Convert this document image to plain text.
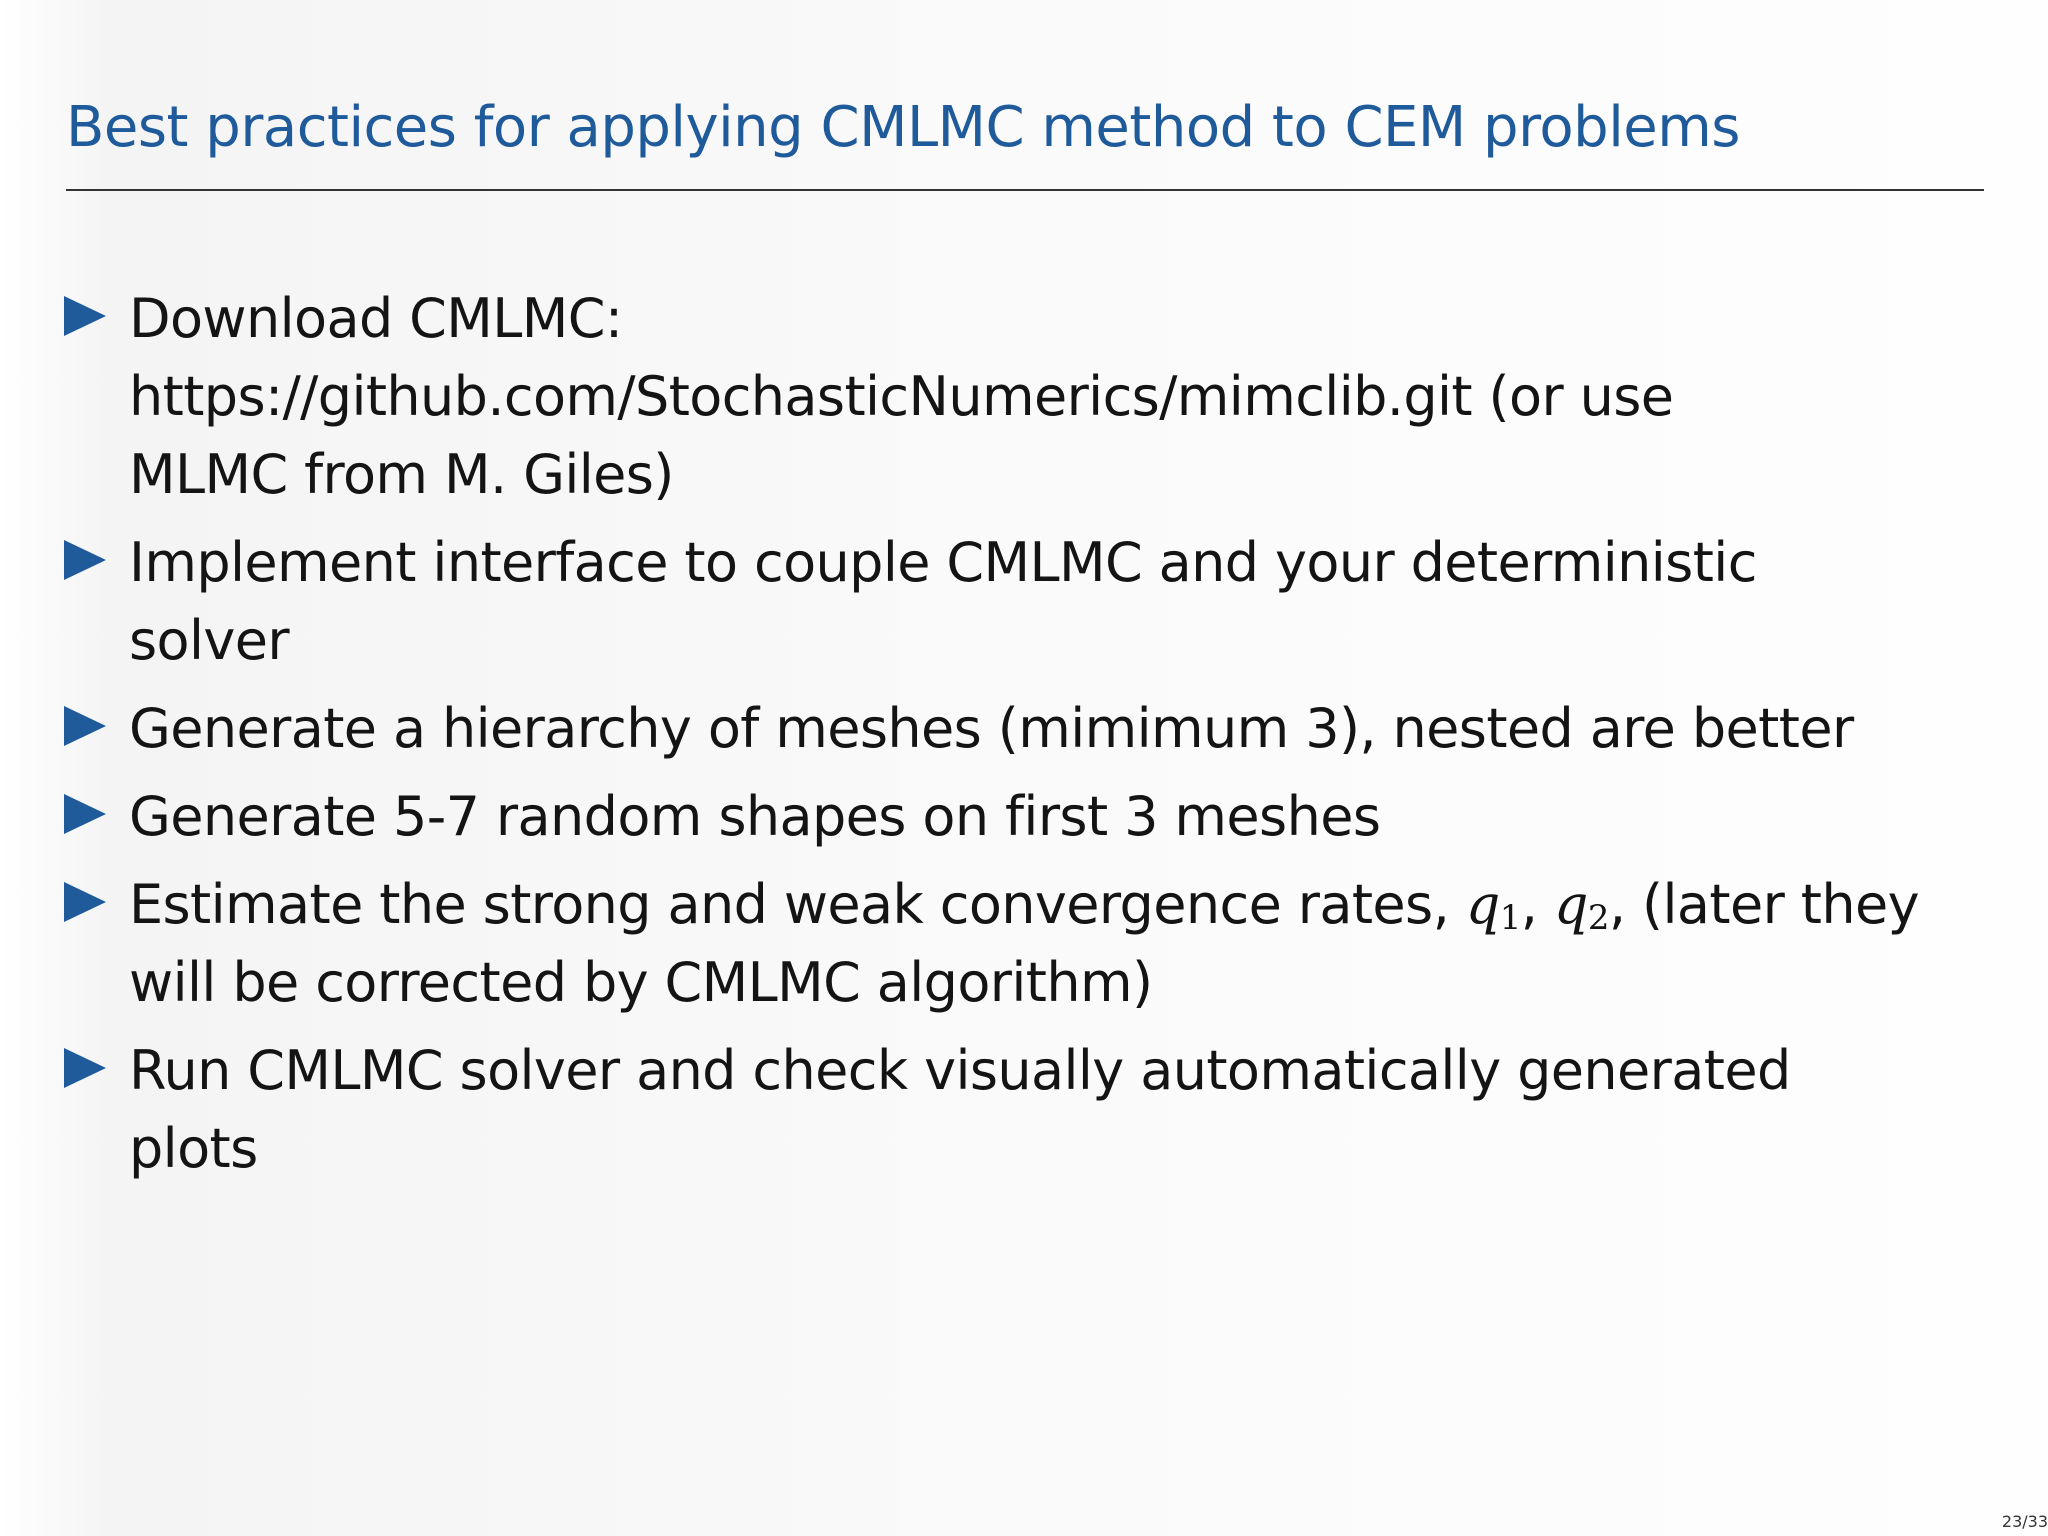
Best practices for applying CMLMC method to CEM problems
Download CMLMC:
https://github.com/StochasticNumerics/mimclib.git (or use
MLMC from M. Giles)
Implement interface to couple CMLMC and your deterministic
solver
Generate a hierarchy of meshes (mimimum 3), nested are better
Generate 5-7 random shapes on first 3 meshes
Estimate the strong and weak convergence rates, $q_1$, $q_2$, (later they
will be corrected by CMLMC algorithm)
Run CMLMC solver and check visually automatically generated
plots
23/33
